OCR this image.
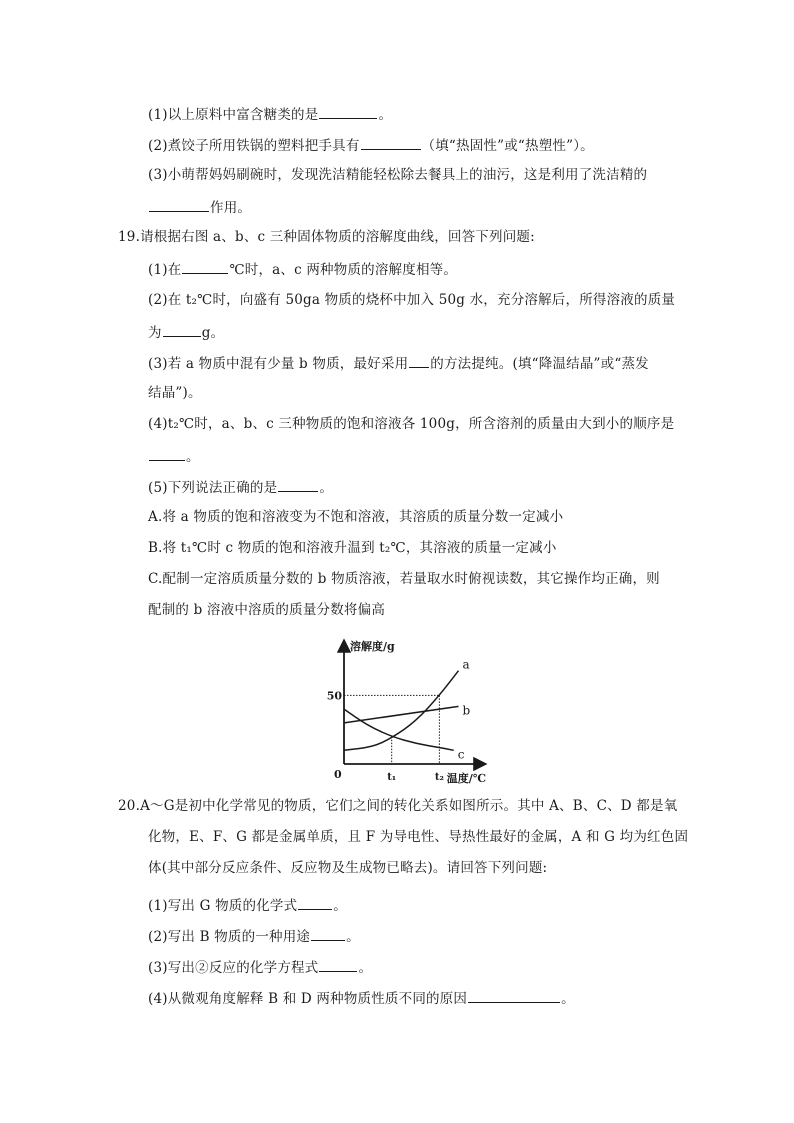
(1)以上原料中富含糖类的是	。
(2)煮饺子所用铁锅的塑料把手具有	（填“热固性”或“热塑性”）。
(3)小萌帮妈妈刷碗时，发现洗洁精能轻松除去餐具上的油污，这是利用了洗洁精的
作用。
19.请根据右图 a、b、c 三种固体物质的溶解度曲线，回答下列问题:
(1)在	℃时，a、c 两种物质的溶解度相等。
(2)在 t₂℃时，向盛有 50ga 物质的烧杯中加入 50g 水，充分溶解后，所得溶液的质量
为	g。
(3)若 a 物质中混有少量 b 物质，最好采用 的方法提纯。(填“降温结晶”或“蒸发
结晶”)。
(4)t₂℃时，a、b、c 三种物质的饱和溶液各 100g，所含溶剂的质量由大到小的顺序是
。
(5)下列说法正确的是	。
A.将 a 物质的饱和溶液变为不饱和溶液，其溶质的质量分数一定减小
B.将 t₁℃时 c 物质的饱和溶液升温到 t₂℃，其溶液的质量一定减小
C.配制一定溶质质量分数的 b 物质溶液，若量取水时俯视读数，其它操作均正确，则
配制的 b 溶液中溶质的质量分数将偏高
溶解度/g
温度/℃
0
50
t₁	t₂
a
b
c
20.A～G是初中化学常见的物质，它们之间的转化关系如图所示。其中 A、B、C、D 都是氧
化物，E、F、G 都是金属单质，且 F 为导电性、导热性最好的金属，A 和 G 均为红色固
体(其中部分反应条件、反应物及生成物已略去)。请回答下列问题:
(1)写出 G 物质的化学式	。
(2)写出 B 物质的一种用途	。
(3)写出②反应的化学方程式	。
(4)从微观角度解释 B 和 D 两种物质性质不同的原因	。
